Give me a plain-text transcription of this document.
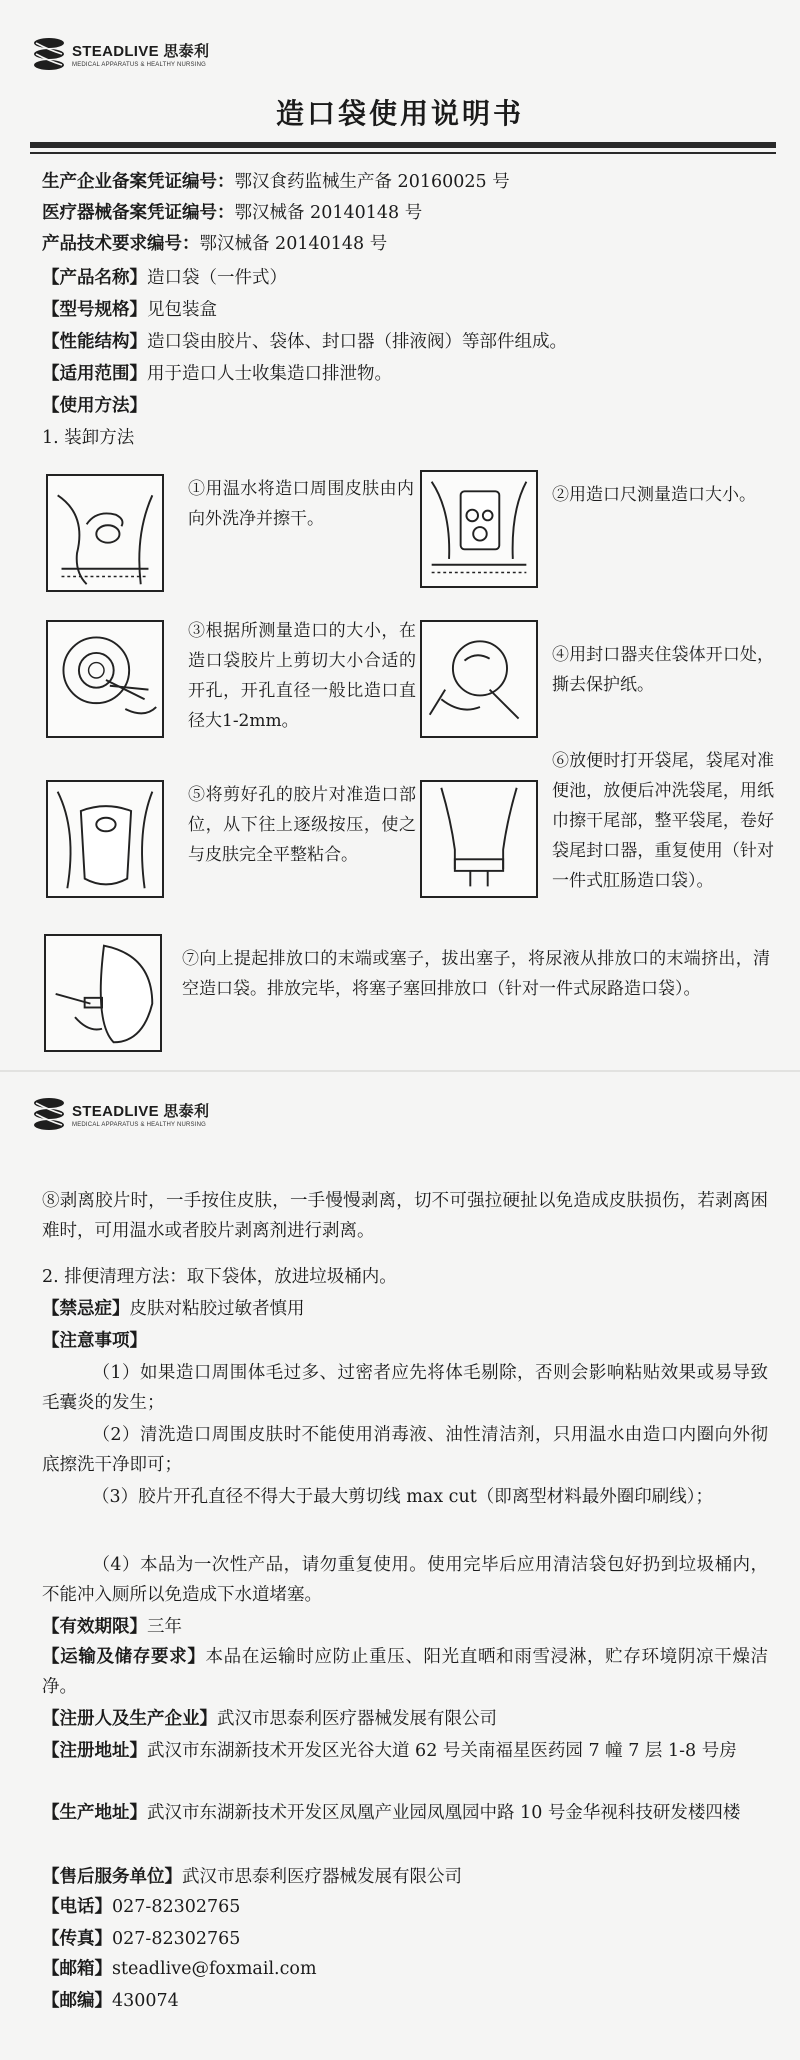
STEADLIVE 思泰利
MEDICAL APPARATUS & HEALTHY NURSING
造口袋使用说明书
生产企业备案凭证编号：鄂汉食药监械生产备 20160025 号
医疗器械备案凭证编号：鄂汉械备 20140148 号
产品技术要求编号：鄂汉械备 20140148 号
【产品名称】造口袋（一件式）
【型号规格】见包装盒
【性能结构】造口袋由胶片、袋体、封口器（排液阀）等部件组成。
【适用范围】用于造口人士收集造口排泄物。
【使用方法】
1. 装卸方法
①用温水将造口周围皮肤由内向外洗净并擦干。
②用造口尺测量造口大小。
③根据所测量造口的大小，在造口袋胶片上剪切大小合适的开孔，开孔直径一般比造口直径大1-2mm。
④用封口器夹住袋体开口处，撕去保护纸。
⑤将剪好孔的胶片对准造口部位，从下往上逐级按压，使之与皮肤完全平整粘合。
⑥放便时打开袋尾，袋尾对准便池，放便后冲洗袋尾，用纸巾擦干尾部，整平袋尾，卷好袋尾封口器，重复使用（针对一件式肛肠造口袋）。
⑦向上提起排放口的末端或塞子，拔出塞子，将尿液从排放口的末端挤出，清空造口袋。排放完毕，将塞子塞回排放口（针对一件式尿路造口袋）。
STEADLIVE 思泰利
MEDICAL APPARATUS & HEALTHY NURSING
⑧剥离胶片时，一手按住皮肤，一手慢慢剥离，切不可强拉硬扯以免造成皮肤损伤，若剥离困难时，可用温水或者胶片剥离剂进行剥离。
2. 排便清理方法：取下袋体，放进垃圾桶内。
【禁忌症】皮肤对粘胶过敏者慎用
【注意事项】
（1）如果造口周围体毛过多、过密者应先将体毛剔除，否则会影响粘贴效果或易导致毛囊炎的发生；
（2）清洗造口周围皮肤时不能使用消毒液、油性清洁剂，只用温水由造口内圈向外彻底擦洗干净即可；
（3）胶片开孔直径不得大于最大剪切线 max cut（即离型材料最外圈印刷线）；
（4）本品为一次性产品，请勿重复使用。使用完毕后应用清洁袋包好扔到垃圾桶内，不能冲入厕所以免造成下水道堵塞。
【有效期限】三年
【运输及储存要求】本品在运输时应防止重压、阳光直晒和雨雪浸淋，贮存环境阴凉干燥洁净。
【注册人及生产企业】武汉市思泰利医疗器械发展有限公司
【注册地址】武汉市东湖新技术开发区光谷大道 62 号关南福星医药园 7 幢 7 层 1-8 号房
【生产地址】武汉市东湖新技术开发区凤凰产业园凤凰园中路 10 号金华视科技研发楼四楼
【售后服务单位】武汉市思泰利医疗器械发展有限公司
【电话】027-82302765
【传真】027-82302765
【邮箱】steadlive@foxmail.com
【邮编】430074
